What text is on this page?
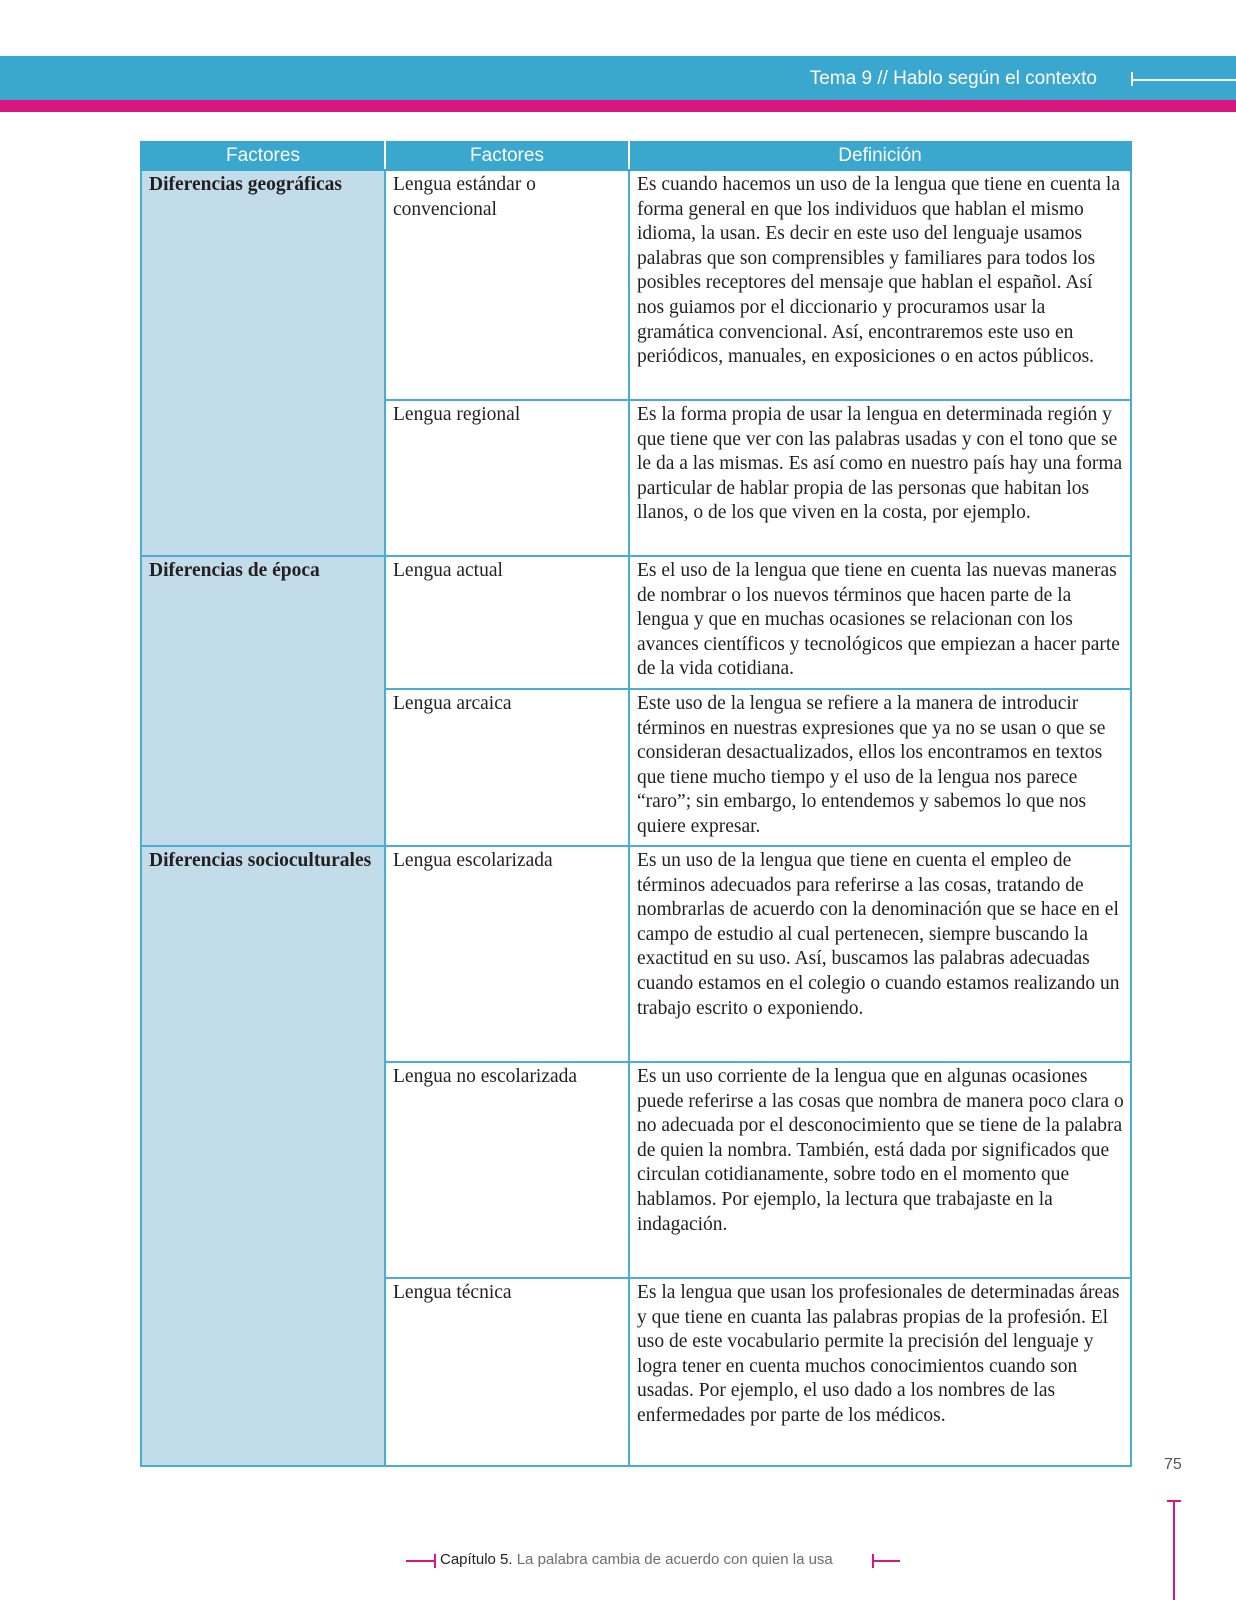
Tema 9 // Hablo según el contexto
Factores	Factores	Definición
Diferencias geográficas	Lengua estándar o convencional	Es cuando hacemos un uso de la lengua que tiene en cuenta la forma general en que los individuos que hablan el mismo idioma, la usan. Es decir en este uso del lenguaje usamos palabras que son comprensibles y familiares para todos los posibles receptores del mensaje que hablan el español. Así nos guiamos por el diccionario y procuramos usar la gramática convencional. Así, encontraremos este uso en periódicos, manuales, en exposiciones o en actos públicos.
	Lengua regional	Es la forma propia de usar la lengua en determinada región y que tiene que ver con las palabras usadas y con el tono que se le da a las mismas. Es así como en nuestro país hay una forma particular de hablar propia de las personas que habitan los llanos, o de los que viven en la costa, por ejemplo.
Diferencias de época	Lengua actual	Es el uso de la lengua que tiene en cuenta las nuevas maneras de nombrar o los nuevos términos que hacen parte de la lengua y que en muchas ocasiones se relacionan con los avances científicos y tecnológicos que empiezan a hacer parte de la vida cotidiana.
	Lengua arcaica	Este uso de la lengua se refiere a la manera de introducir términos en nuestras expresiones que ya no se usan o que se consideran desactualizados, ellos los encontramos en textos que tiene mucho tiempo y el uso de la lengua nos parece “raro”; sin embargo, lo entendemos y sabemos lo que nos quiere expresar.
Diferencias socioculturales	Lengua escolarizada	Es un uso de la lengua que tiene en cuenta el empleo de términos adecuados para referirse a las cosas, tratando de nombrarlas de acuerdo con la denominación que se hace en el campo de estudio al cual pertenecen, siempre buscando la exactitud en su uso. Así, buscamos las palabras adecuadas cuando estamos en el colegio o cuando estamos realizando un trabajo escrito o exponiendo.
	Lengua no escolarizada	Es un uso corriente de la lengua que en algunas ocasiones puede referirse a las cosas que nombra de manera poco clara o no adecuada por el desconocimiento que se tiene de la palabra de quien la nombra. También, está dada por significados que circulan cotidianamente, sobre todo en el momento que hablamos. Por ejemplo, la lectura que trabajaste en la indagación.
	Lengua técnica	Es la lengua que usan los profesionales de determinadas áreas y que tiene en cuanta las palabras propias de la profesión. El uso de este vocabulario permite la precisión del lenguaje y logra tener en cuenta muchos conocimientos cuando son usadas. Por ejemplo, el uso dado a los nombres de las enfermedades por parte de los médicos.
75
Capítulo 5. La palabra cambia de acuerdo con quien la usa
